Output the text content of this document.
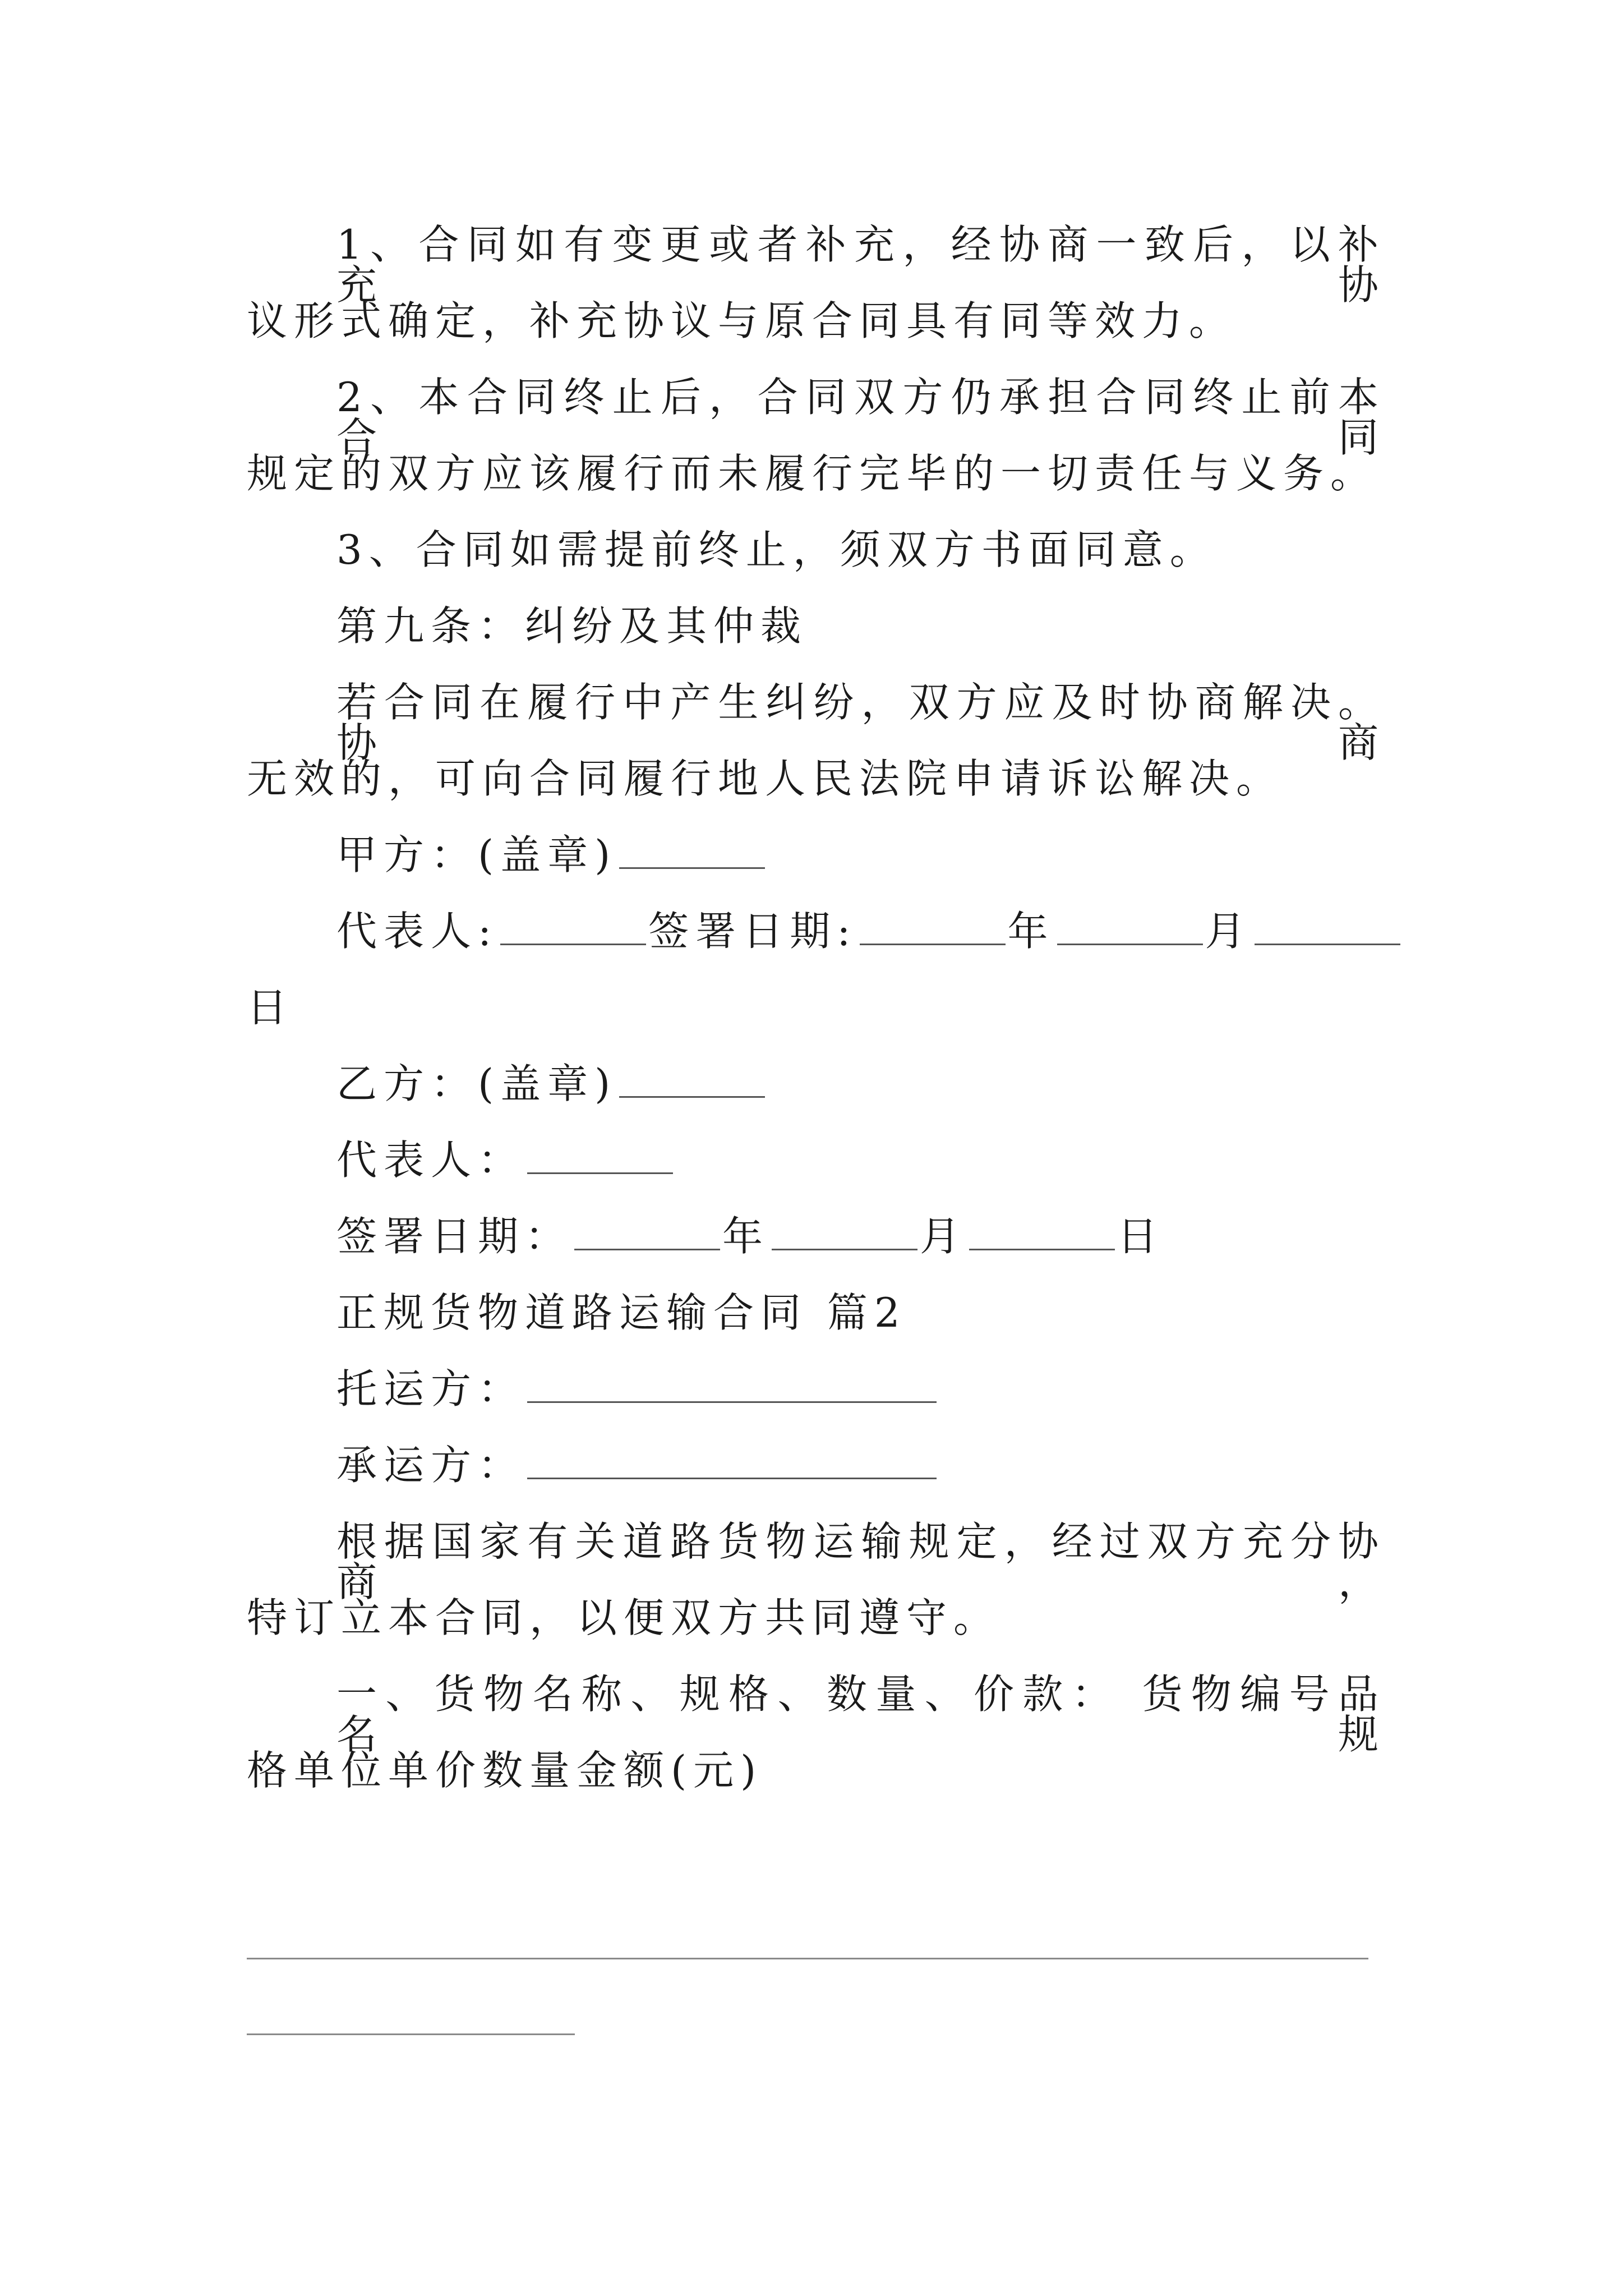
1、合同如有变更或者补充，经协商一致后，以补充协
议形式确定，补充协议与原合同具有同等效力。
2、本合同终止后，合同双方仍承担合同终止前本合同
规定的双方应该履行而未履行完毕的一切责任与义务。
3、合同如需提前终止，须双方书面同意。
第九条：纠纷及其仲裁
若合同在履行中产生纠纷，双方应及时协商解决。协商
无效的，可向合同履行地人民法院申请诉讼解决。
甲方：(盖章)
代表人:	签署日期:	年	月
日
乙方：(盖章)
代表人：
签署日期：	年	月	日
正规货物道路运输合同 篇2
托运方：
承运方：
根据国家有关道路货物运输规定，经过双方充分协商，
特订立本合同，以便双方共同遵守。
一、货物名称、规格、数量、价款： 货物编号品名规
格单位单价数量金额(元)
